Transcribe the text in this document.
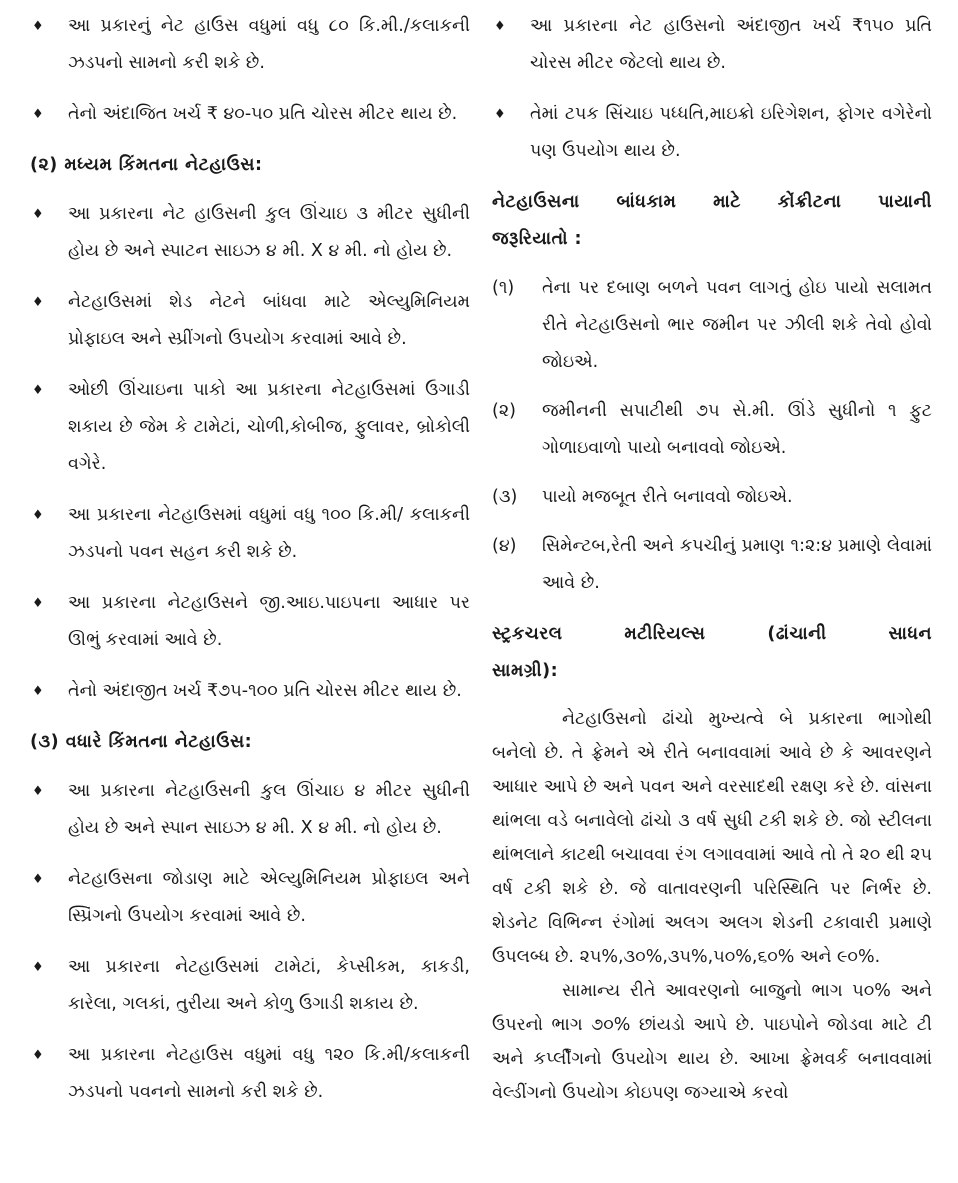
♦	આ પ્રકારનું નેટ હાઉસ વધુમાં વધુ ૮૦ કિ.મી./કલાકની ઝડપનો સામનો કરી શકે છે.
♦	તેનો અંદાજિત ખર્ચ ₹ ૪૦-૫૦ પ્રતિ ચોરસ મીટર થાય છે.
(૨) મધ્યમ કિંમતના નેટહાઉસ:
♦	આ પ્રકારના નેટ હાઉસની કુલ ઊંચાઇ ૩ મીટર સુધીની હોય છે અને સ્પાટન સાઇઝ ૪ મી. X ૪ મી. નો હોય છે.
♦	નેટહાઉસમાં શેડ નેટને બાંધવા માટે એલ્યુમિનિયમ પ્રોફાઇલ અને સ્પ્રીંગનો ઉપયોગ કરવામાં આવે છે.
♦	ઓછી ઊંચાઇના પાકો આ પ્રકારના નેટહાઉસમાં ઉગાડી શકાય છે જેમ કે ટામેટાં, ચોળી,કોબીજ, ફુલાવર, બ્રોકોલી વગેરે.
♦	આ પ્રકારના નેટહાઉસમાં વધુમાં વધુ ૧૦૦ કિ.મી/ કલાકની ઝડપનો પવન સહન કરી શકે છે.
♦	આ પ્રકારના નેટહાઉસને જી.આઇ.પાઇપના આધાર પર ઊભું કરવામાં આવે છે.
♦	તેનો અંદાજીત ખર્ચ ₹૭૫-૧૦૦ પ્રતિ ચોરસ મીટર થાય છે.
(૩) વધારે કિંમતના નેટહાઉસ:
♦	આ પ્રકારના નેટહાઉસની કુલ ઊંચાઇ ૪ મીટર સુધીની હોય છે અને સ્પાન સાઇઝ ૪ મી. X ૪ મી. નો હોય છે.
♦	નેટહાઉસના જોડાણ માટે એલ્યુમિનિયમ પ્રોફાઇલ અને સ્પ્રિંગનો ઉપયોગ કરવામાં આવે છે.
♦	આ પ્રકારના નેટહાઉસમાં ટામેટાં, કેપ્સીકમ, કાકડી, કારેલા, ગલકાં, તુરીયા અને કોળુ ઉગાડી શકાય છે.
♦	આ પ્રકારના નેટહાઉસ વધુમાં વધુ ૧૨૦ કિ.મી/કલાકની ઝડપનો પવનનો સામનો કરી શકે છે.
♦	આ પ્રકારના નેટ હાઉસનો અંદાજીત ખર્ચ ₹૧૫૦ પ્રતિ ચોરસ મીટર જેટલો થાય છે.
♦	તેમાં ટપક સિંચાઇ પધ્ધતિ,માઇક્રો ઇરિગેશન, ફોગર વગેરેનો પણ ઉપયોગ થાય છે.
નેટહાઉસના બાંધકામ માટે કોંક્રીટના પાયાની
જરૂરિયાતો :
(૧)	તેના પર દબાણ બળને પવન લાગતું હોઇ પાયો સલામત રીતે નેટહાઉસનો ભાર જમીન પર ઝીલી શકે તેવો હોવો જોઇએ.
(૨)	જમીનની સપાટીથી ૭૫ સે.મી. ઊંડે સુધીનો ૧ ફુટ ગોળાઇવાળો પાયો બનાવવો જોઇએ.
(૩)	પાયો મજબૂત રીતે બનાવવો જોઇએ.
(૪)	સિમેન્ટબ,રેતી અને કપચીનું પ્રમાણ ૧:૨:૪ પ્રમાણે લેવામાં આવે છે.
સ્ટ્રકચરલ મટીરિયલ્સ (ઢાંચાની સાધન
સામગ્રી):

નેટહાઉસનો ઢાંચો મુખ્યત્વે બે પ્રકારના ભાગોથી બનેલો છે. તે ફ્રેમને એ રીતે બનાવવામાં આવે છે કે આવરણને આધાર આપે છે અને પવન અને વરસાદથી રક્ષણ કરે છે. વાંસના થાંભલા વડે બનાવેલો ઢાંચો ૩ વર્ષ સુધી ટકી શકે છે. જો સ્ટીલના થાંભલાને કાટથી બચાવવા રંગ લગાવવામાં આવે તો તે ૨૦ થી ૨૫ વર્ષ ટકી શકે છે. જે વાતાવરણની પરિસ્થિતિ પર નિર્ભર છે. શેડનેટ વિભિન્ન રંગોમાં અલગ અલગ શેડની ટકાવારી પ્રમાણે ઉપલબ્ધ છે. ૨૫%,૩૦%,૩૫%,૫૦%,૬૦% અને ૯૦%.

સામાન્ય રીતે આવરણનો બાજુનો ભાગ ૫૦% અને ઉપરનો ભાગ ૭૦% છાંયડો આપે છે. પાઇપોને જોડવા માટે ટી અને કર્પ્લીંગનો ઉપયોગ થાય છે. આખા ફ્રેમવર્ક બનાવવામાં વેલ્ડીંગનો ઉપયોગ કોઇપણ જગ્યાએ કરવો
